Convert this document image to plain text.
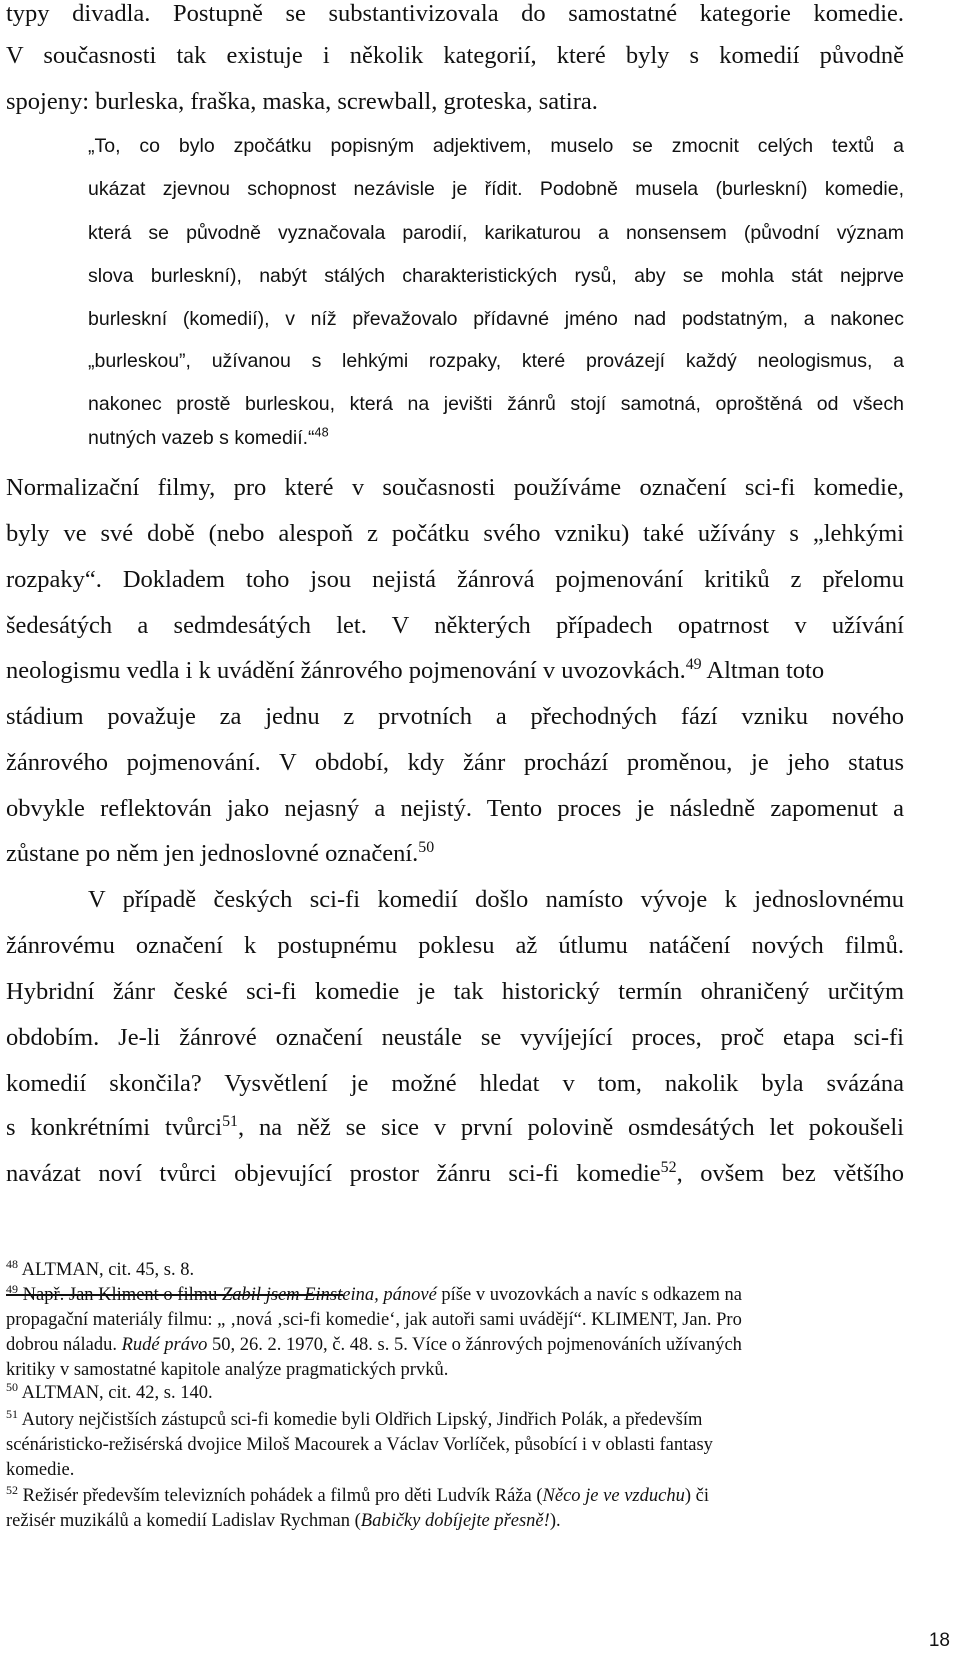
typy divadla. Postupně se substantivizovala do samostatné kategorie komedie.

V současnosti tak existuje i několik kategorií, které byly s komedií původně

spojeny: burleska, fraška, maska, screwball, groteska, satira.

„To, co bylo zpočátku popisným adjektivem, muselo se zmocnit celých textů a

ukázat zjevnou schopnost nezávisle je řídit. Podobně musela (burleskní) komedie,

která se původně vyznačovala parodií, karikaturou a nonsensem (původní význam

slova burleskní), nabýt stálých charakteristických rysů, aby se mohla stát nejprve

burleskní (komedií), v níž převažovalo přídavné jméno nad podstatným, a nakonec

„burleskou”, užívanou s lehkými rozpaky, které provázejí každý neologismus, a

nakonec prostě burleskou, která na jevišti žánrů stojí samotná, oproštěná od všech

nutných vazeb s komedií.“$^{48}$

Normalizační filmy, pro které v současnosti používáme označení sci-fi komedie,

byly ve své době (nebo alespoň z počátku svého vzniku) také užívány s „lehkými

rozpaky“. Dokladem toho jsou nejistá žánrová pojmenování kritiků z přelomu

šedesátých a sedmdesátých let. V některých případech opatrnost v užívání

neologismu vedla i k uvádění žánrového pojmenování v uvozovkách.$^{49}$ Altman toto

stádium považuje za jednu z prvotních a přechodných fází vzniku nového

žánrového pojmenování. V období, kdy žánr prochází proměnou, je jeho status

obvykle reflektován jako nejasný a nejistý. Tento proces je následně zapomenut a

zůstane po něm jen jednoslovné označení.$^{50}$

V případě českých sci-fi komedií došlo namísto vývoje k jednoslovnému

žánrovému označení k postupnému poklesu až útlumu natáčení nových filmů.

Hybridní žánr české sci-fi komedie je tak historický termín ohraničený určitým

obdobím. Je-li žánrové označení neustále se vyvíjející proces, proč etapa sci-fi

komedií skončila? Vysvětlení je možné hledat v tom, nakolik byla svázána

s konkrétními tvůrci$^{51}$, na něž se sice v první polovině osmdesátých let pokoušeli

navázat noví tvůrci objevující prostor žánru sci-fi komedie$^{52}$, ovšem bez většího

$^{48}$ ALTMAN, cit. 45, s. 8.

$^{49}$ Např. Jan Kliment o filmu Zabil jsem Einsteina, pánové píše v uvozovkách a navíc s odkazem na

propagační materiály filmu: „ ‚nová ‚sci-fi komedie‘, jak autoři sami uvádějí“. KLIMENT, Jan. Pro

dobrou náladu. Rudé právo 50, 26. 2. 1970, č. 48. s. 5. Více o žánrových pojmenováních užívaných

kritiky v samostatné kapitole analýze pragmatických prvků.

$^{50}$ ALTMAN, cit. 42, s. 140.

$^{51}$ Autory nejčistších zástupců sci-fi komedie byli Oldřich Lipský, Jindřich Polák, a především

scénáristicko-režisérská dvojice Miloš Macourek a Václav Vorlíček, působící i v oblasti fantasy

komedie.

$^{52}$ Režisér především televizních pohádek a filmů pro děti Ludvík Ráža (Něco je ve vzduchu) či

režisér muzikálů a komedií Ladislav Rychman (Babičky dobíjejte přesně!).

18
